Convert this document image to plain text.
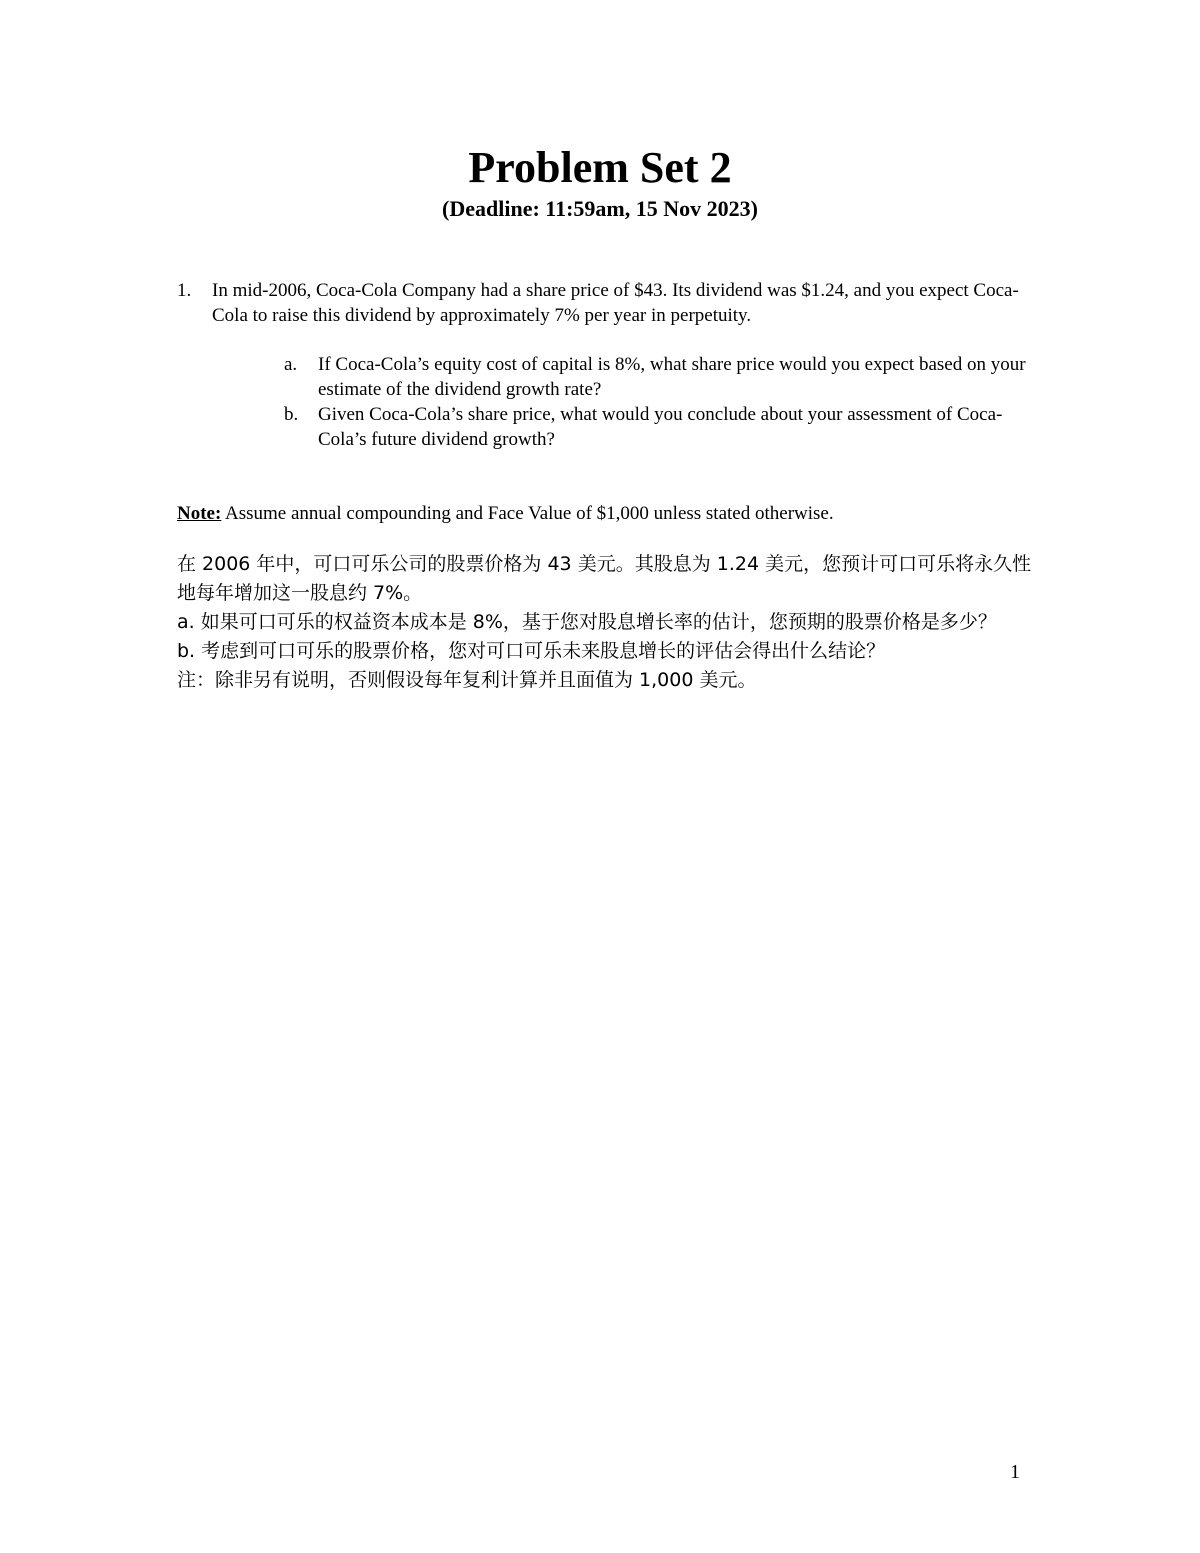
Problem Set 2
(Deadline: 11:59am, 15 Nov 2023)
1. In mid-2006, Coca-Cola Company had a share price of $43. Its dividend was $1.24, and you expect Coca-Cola to raise this dividend by approximately 7% per year in perpetuity.
a.	If Coca-Cola’s equity cost of capital is 8%, what share price would you expect based on your estimate of the dividend growth rate?
b.	Given Coca-Cola’s share price, what would you conclude about your assessment of Coca-Cola’s future dividend growth?
Note: Assume annual compounding and Face Value of $1,000 unless stated otherwise.
在 2006 年中，可口可乐公司的股票价格为 43 美元。其股息为 1.24 美元，您预计可口可乐将永久性地每年增加这一股息约 7%。
a. 如果可口可乐的权益资本成本是 8%，基于您对股息增长率的估计，您预期的股票价格是多少？
b. 考虑到可口可乐的股票价格，您对可口可乐未来股息增长的评估会得出什么结论？
注：除非另有说明，否则假设每年复利计算并且面值为 1,000 美元。
1
